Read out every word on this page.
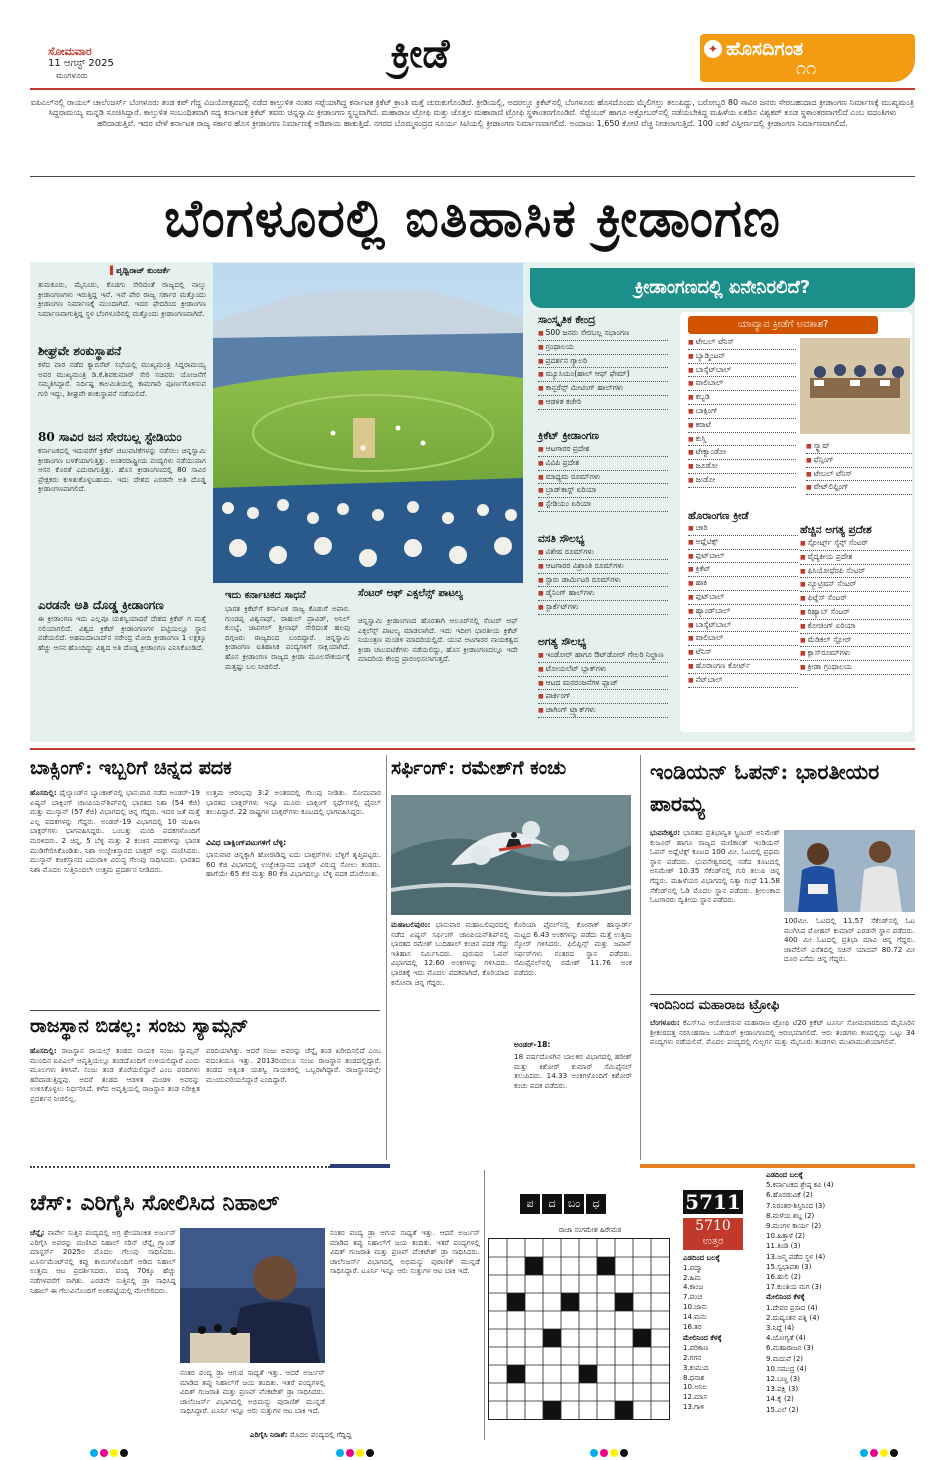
ಸೋಮವಾರ
11 ಆಗಸ್ಟ್ 2025
ಮಂಗಳೂರು	ಕ್ರೀಡೆ	✦ ಹೊಸದಿಗಂತ
೧೧
ಐಪಿಎಲ್‌ನಲ್ಲಿ ರಾಯಲ್ ಚಾಲೆಂಜರ್ಸ್ ಬೆಂಗಳೂರು ತಂಡ ಕಪ್ ಗೆದ್ದ ವಿಜಯೋತ್ಸವದಲ್ಲಿ ನಡೆದ ಕಾಲ್ತುಳಿತ ನಂತರ ಸಪ್ಪೆಯಾಗಿದ್ದ ಕರ್ನಾಟಕ ಕ್ರಿಕೆಟ್ ಕ್ರಾಂತಿ ಮತ್ತೆ ಚುರುಕುಗೊಂಡಿದೆ. ಕ್ರೀಡಿಯಲ್ಲಿ, ಅದರಲ್ಲೂ ಕ್ರಿಕೆಟ್‌ನಲ್ಲಿ ಬೆಂಗಳೂರು ಹೊಸದೊಂದು ಮೈಲಿಗಲ್ಲು ತಲುಪಿದ್ದು, ಬರೋಬ್ಬರಿ 80 ಸಾವಿರ ಜನರು ಸೇರಬಹುದಾದ ಕ್ರೀಡಾಂಗಣ ನಿರ್ಮಾಣಕ್ಕೆ ಮುಖ್ಯಮಂತ್ರಿ ಸಿದ್ದರಾಮಯ್ಯ ಮನ್ನಡಿ ಸೂಚಿಸಿದ್ದಾರೆ. ಕಾಲ್ತುಳಿತ ಸಂಬಂಧಿತವಾಗಿ ಸದ್ಯ ಕರ್ನಾಟಕ ಕ್ರಿಕೆಟ್ ತವರು ಚಿನ್ನಸ್ವಾಮಿ ಕ್ರೀಡಾಂಗಣ ಸ್ಥಬ್ದವಾಗಿದೆ. ಮಹಾರಾಜ ಟ್ರೋಫಿ ಮತ್ತು ಜೊತ್ತಲ ಮಹಾರಾಣಿ ಟ್ರೋಫಿ ಸ್ಥಳಾಂತರಗೊಂಡಿವೆ. ಸೆಪ್ಟೆಂಬರ್ ಹಾಗೂ ಅಕ್ಟೋಬರ್‌ನಲ್ಲಿ ನಡೆಯಬೇಕಿದ್ದ ಮಹಿಳೆಯ ಏಕದಿನ ವಿಶ್ವಕಪ್ ಕೂಡ ಸ್ಥಳಾಂತರವಾಗಲಿದೆ ಎಂಬ ವದಂತಿಗಳು ಹರಿದಾಡುತ್ತಿವೆ. ಇದರ ವೇಳೆ ಕರ್ನಾಟಕ ರಾಜ್ಯ ಸರ್ಕಾರ ಹೊಸ ಕ್ರೀಡಾಂಗಣ ನಿರ್ಮಾಣಕ್ಕೆ ಅಡಿಪಾಯ ಹಾಕುತ್ತಿದೆ. ನಗರದ ಬೊಮ್ಮಸಂದ್ರದ ಸೂರ್ಯ ಸಿಟಿಯಲ್ಲಿ ಕ್ರೀಡಾಂಗಣ ನಿರ್ಮಾಣವಾಗಲಿದೆ. ಅಂದಾಜು 1,650 ಕೋಟಿ ವೆಚ್ಚ ನೀಡಲಾಗುತ್ತಿದೆ. 100 ಎಕರೆ ವಿಸ್ತೀರ್ಣದಲ್ಲಿ ಕ್ರೀಡಾಂಗಣ ನಿರ್ಮಾಣವಾಗಲಿದೆ.
ಬೆಂಗಳೂರಲ್ಲಿ ಐತಿಹಾಸಿಕ ಕ್ರೀಡಾಂಗಣ
▌ಪೃಥ್ವಿರಾಜ್ ಕುಂಜರ್ಕೆ
ತುಮಕೂರು, ಮೈಸೂರು, ಕೊಡಗು ಸೇರಿದಂತೆ ರಾಜ್ಯದಲ್ಲಿ ನಾಲ್ಕು ಕ್ರೀಡಾಂಗಣಗಳು ಇರುತ್ತಿದ್ದ ಇವೆ. ಇವೆ ಪೇರ ರಾಜ್ಯ ಸರ್ಕಾರ ಮತ್ತೊಂದು ಕ್ರೀಡಾಂಗಣ ನಿರ್ಮಾಣಕ್ಕೆ ಮುಂದಾಗಿದೆ. ಇದರ ಫೇದರಿಂದ ಕ್ರೀಡಾಂಗಣ ನಿರ್ಮಾಣವಾಗುತ್ತಿದ್ದ ಸ್ಥಳ ಬೆಂಗಳೂರಿನಲ್ಲಿ ಮತ್ತೊಂದು ಕ್ರೀಡಾಂಗಣವಾಗಿದೆ.
ಶೀಘ್ರವೇ ಶಂಕುಸ್ಥಾಪನೆ
ಕಳೆದ ವಾರ ನಡೆದ ಕ್ಯಾಬಿನೆಟ್ ಸಭೆಯಲ್ಲಿ ಮುಖ್ಯಮಂತ್ರಿ ಸಿದ್ದರಾಮಯ್ಯ ಅವರ ಮುಖ್ಯಮಂತ್ರಿ ಡಿ.ಕೆ.ಶಿವಕುಮಾರ್ ಸೇರಿ ಸಚಿವರು ಯೋಜನೆಗೆ ಸಮ್ಮತಿಸಿದ್ದಾರೆ. ನಿರ್ದಿಷ್ಟ ಕಾಲಮಿತಿಯಲ್ಲಿ ಕಾಮಗಾರಿ ಪೂರ್ಣಗೊಳಿಸುವ ಗುರಿ ಇದ್ದು, ಶೀಘ್ರವೇ ಶಂಕುಸ್ಥಾಪನೆ ನಡೆಯಲಿದೆ.
80 ಸಾವಿರ ಜನ ಸೇರಬಲ್ಲ ಸ್ಟೇಡಿಯಂ
ಕರ್ನಾಟಕದಲ್ಲಿ ಇದುವರೆಗೆ ಕ್ರಿಕೆಟ್ ಚಟುವಟಿಕೆಗಳನ್ನು ನಡೆಸಲು ಚಿನ್ನಸ್ವಾಮಿ ಕ್ರೀಡಾಂಗಣ ಬಳಕೆಯಾಗುತ್ತಿತ್ತು. ಅಂತರರಾಷ್ಟ್ರೀಯ ಪಂದ್ಯಗಳು ನಡೆಯುವಾಗ ಆಸನ ಕೊರತೆ ಎದುರಾಗುತ್ತಿತ್ತು. ಹೊಸ ಕ್ರೀಡಾಂಗಣದಲ್ಲಿ 80 ಸಾವಿರ ಪ್ರೇಕ್ಷಕರು ಕುಳಿತುಕೊಳ್ಳಬಹುದು. ಇದು ದೇಶದ ಎರಡನೇ ಅತಿ ದೊಡ್ಡ ಕ್ರೀಡಾಂಗಣವಾಗಲಿದೆ.
ಎರಡನೇ ಅತಿ ದೊಡ್ಡ ಕ್ರೀಡಾಂಗಣ
ಈ ಕ್ರೀಡಾಂಗಣ ಇದು ಎಲ್ಲವೂ ಯಶಸ್ವಿಯಾದರೆ ದೇಶದ ಕ್ರಿಕೆಟ್ ಗ ಮತ್ತೆ ಸಲಿಯಾಗಲಿದೆ. ವಿಶ್ವದ ಕ್ರಿಕೆಟ್ ಕ್ರೀಡಾಂಗಣಗಳ ಪಟ್ಟಿಯಲ್ಲೂ ಸ್ಥಾನ ಪಡೆಯಲಿದೆ. ಅಹಮದಾಬಾದ್‌ನ ನರೇಂದ್ರ ಮೋದಿ ಕ್ರೀಡಾಂಗಣ 1 ಲಕ್ಷಕ್ಕೂ ಹೆಚ್ಚು ಆಸನ ಹೊಂದಿದ್ದು ವಿಶ್ವದ ಅತಿ ದೊಡ್ಡ ಕ್ರೀಡಾಂಗಣ ಎನಿಸಿಕೊಂಡಿದೆ.
ಇದು ಕರ್ನಾಟಕದ ಸಾಧನೆ
ಭಾರತ ಕ್ರಿಕೆಟ್‌ಗೆ ಕರ್ನಾಟಕ ರಾಜ್ಯ ಕೊಡುಗೆ ಅಪಾರ. ಗುಂಡಪ್ಪ ವಿಶ್ವನಾಥ್, ರಾಹುಲ್ ದ್ರಾವಿಡ್, ಅನಿಲ್ ಕುಂಬ್ಳೆ, ಜಾವಗಲ್ ಶ್ರೀನಾಥ್ ಸೇರಿದಂತೆ ಹಲವು ದಿಗ್ಗಜರು ರಾಜ್ಯದಿಂದ ಬಂದಿದ್ದಾರೆ. ಚಿನ್ನಸ್ವಾಮಿ ಕ್ರೀಡಾಂಗಣ ಐತಿಹಾಸಿಕ ಪಂದ್ಯಗಳಿಗೆ ಸಾಕ್ಷಿಯಾಗಿದೆ. ಹೊಸ ಕ್ರೀಡಾಂಗಣ ರಾಜ್ಯದ ಕ್ರೀಡಾ ಮೂಲಸೌಕರ್ಯಕ್ಕೆ ಮತ್ತಷ್ಟು ಬಲ ನೀಡಲಿದೆ.
ಸೆಂಟರ್ ಆಫ್ ಎಕ್ಸಲೆನ್ಸ್ ಪಾಟಲ್ಯ
ಚಿನ್ನಸ್ವಾಮಿ ಕ್ರೀಡಾಂಗಣದ ಹೊರತಾಗಿ ಆಲೂರ್‌ನಲ್ಲಿ ಸೆಂಟರ್ ಆಫ್ ಎಕ್ಸಲೆನ್ಸ್ ಪಾಟಲ್ಯ ಮಾಡಲಾಗಿದೆ. ಇದು ಇದೀಗ ಭಾರತೀಯ ಕ್ರಿಕೆಟ್ ನಿಯಂತ್ರಣ ಮಂಡಳಿ ಮಾದರಿಯಲ್ಲಿದೆ. ಯುವ ಆಟಗಾರರ ನಾಯಕತ್ವದ ಕ್ರೀಡಾ ಚಟುವಟಿಕೆಗಳು ನಡೆಯಲಿದ್ದು, ಹೊಸ ಕ್ರೀಡಾಂಗಣದಲ್ಲೂ ಇದೇ ಮಾದರಿಯ ಕೇಂದ್ರ ಪ್ರಾರಂಭಿಸಲಾಗುತ್ತದೆ.
ಕ್ರೀಡಾಂಗಣದಲ್ಲಿ ಏನೇನಿರಲಿದೆ?
ಸಾಂಸ್ಕೃತಿಕ ಕೇಂದ್ರ
■ 500 ಜನರು ಸೇರಬಲ್ಲ ಸಭಾಂಗಣ
■ ಗ್ರಂಥಾಲಯ
■ ಪ್ರದರ್ಶನ ಗ್ಯಾಲರಿ
■ ಮ್ಯೂಸಿಯಂ(ಹಾಲ್ ಆಫ್ ಫೇಮ್)
■ ಕಾನ್ಫರೆನ್ಸ್ ಮೀಟಿಂಗ್ ಹಾಲ್‌ಗಳು
■ ಆಡಳಿತ ಕಚೇರಿ
ಕ್ರಿಕೆಟ್ ಕ್ರೀಡಾಂಗಣ
■ ಆಟಗಾರರ ಪ್ರದೇಶ
■ ವಿವಿಪಿ ಪ್ರದೇಶ
■ ಮಾಧ್ಯಮ ರೂಮ್‌ಗಳು
■ ಬ್ರಾಡ್‌ಕಾಸ್ಟ್ ಏರಿಯಾ
■ ಸ್ಟೇಡಿಯಂ ಏರಿಯಾ
ವಸತಿ ಸೌಲಭ್ಯ
■ ವಿಶೇಷ ರೂಮ್‌ಗಳು
■ ಆಟಗಾರರ ವಿಶ್ರಾಂತಿ ರೂಮ್‌ಗಳು
■ ಸ್ಟಾರು ಡಾರ್ಮಿಟರಿ ರೂಮ್‌ಗಳು
■ ಡೈನಿಂಗ್ ಹಾಲ್‌ಗಳು
■ ಸ್ಟಾರ್ಕೆಟ್‌ಗಳು
ಅಗತ್ಯ ಸೌಲಭ್ಯ
■ ಇಂಡೋರ್ ಹಾಗೂ ಔಟ್‌ಡೋರ್ ಗೇಲರಿ ನಿಲ್ದಾಣ
■ ಟೋಯಲೆಟ್ ಬ್ಲಾಕ್‌ಗಳು
■ ಆಟದ ಮನರಂಜನೆಗಳ ಪ್ಲಾಜ್
■ ಪಾರ್ಕಿಂಗ್
■ ಜಾಗಿಂಗ್ ಟ್ರ್ಯಾಕ್‌ಗಳು
ಯಾವ್ಯಾವ ಕ್ರೀಡೆಗೆ ಅವಕಾಶ?
■ ಟೇಬಲ್ ಟೆನಿಸ್
■ ಬ್ಯಾಡ್ಮಿಂಟನ್
■ ಬಾಸ್ಕೆಟ್‌ಬಾಲ್
■ ವಾಲಿಬಾಲ್
■ ಕಬ್ಬಡಿ
■ ಬಾಕ್ಸಿಂಗ್
■ ಕರಾಟೆ
■ ಕುಸ್ತಿ
■ ಟೇಕ್ವಾಂಡೋ
■ ಜೂಡೋ
■ ಜುಡೋ
■ ಸ್ಕ್ವಾಷ್
■ ಫೆನ್ಸಿಂಗ್
■ ಟೇಬಲ್ ಟೆನಿಸ್
■ ವೇಟ್‌ಲಿಫ್ಟಿಂಗ್
ಹೊರಾಂಗಣ ಕ್ರೀಡೆ
■ ಚಾರಿ
■ ಅಥ್ಲೆಟಿಕ್ಸ್
■ ಫುಟ್‌ಬಾಲ್
■ ಕ್ರಿಕೆಟ್
■ ಹಾಕಿ
■ ಫುಟ್‌ಬಾಲ್
■ ಹ್ಯಾಂಡ್‌ಬಾಲ್
■ ಬಾಸ್ಕೆಟ್‌ಬಾಲ್
■ ವಾಲಿಬಾಲ್
■ ಟೆನಿಸ್
■ ಹೊರಾಂಗಣ ಕೋರ್ಟ್
■ ನೆಟ್‌ಬಾಲ್
ಹೆಚ್ಚಿನ ಅಗತ್ಯ ಪ್ರದೇಶ
■ ಸ್ಪೋರ್ಟ್ಸ್ ಸೈನ್ಸ್ ಸೆಂಟರ್
■ ವೈದ್ಯಕೀಯ ಪ್ರದೇಶ
■ ಫಿಸಿಯೋಥೆರಪಿ ಸೆಂಟರ್
■ ನ್ಯೂಟ್ರಿಷನ್ ಸೆಂಟರ್
■ ಫಿಟ್ನೆಸ್ ಸೆಂಟರ್
■ ರಿಹ್ಯಾಬ್ ಸೆಂಟರ್
■ ಕೋಚಿಂಗ್ ಏರಿಯಾ
■ ಮೆಡಿಕಲ್ ಸ್ಟೋರ್
■ ಕ್ಲಾಸ್‌ರೂಮ್‌ಗಳು
■ ಕ್ರೀಡಾ ಗ್ರಂಥಾಲಯ
ಬಾಕ್ಸಿಂಗ್: ಇಬ್ಬರಿಗೆ ಚಿನ್ನದ ಪದಕ
ಹೊಸದಿಲ್ಲಿ: ಥೈಲ್ಯಾಂಡ್‌ನ ಬ್ಯಾಂಕಾಕ್‌ನಲ್ಲಿ ಭಾನುವಾರ ನಡೆದ ಅಂಡರ್-19 ಏಷ್ಯನ್ ಬಾಕ್ಸಿಂಗ್ ಚಾಂಪಿಯನ್‌ಶಿಪ್‌ನಲ್ಲಿ ಭಾರತದ ನಿಶಾ (54 ಕೆಜಿ) ಮತ್ತು ಮುಸ್ಕಾನ್ (57 ಕೆಜಿ) ವಿಭಾಗದಲ್ಲಿ ಚಿನ್ನ ಗೆದ್ದರು. ಇದರ ಜತೆ ಮತ್ತೆ ಎಲ್ಲ ಪದಕಗಳನ್ನು ಗೆದ್ದರು. ಅಂಡರ್-19 ವಿಭಾಗದಲ್ಲಿ 10 ಮಹಿಳಾ ಬಾಕ್ಸರ್‌ಗಳು ಭಾಗವಹಿಸಿದ್ದರು. ಒಂಬತ್ತು ಮಂದಿ ಪದಕಗಳೊಂದಿಗೆ ಮರಳಿದರು. 2 ಚಿನ್ನ, 5 ಬೆಳ್ಳಿ ಮತ್ತು 2 ಕಂಚಿನ ಪದಕಗಳನ್ನು ಭಾರತ ಮುಡಿಗೇರಿಸಿಕೊಂಡಿತು. ನಿಶಾ ಉಜ್ಬೇಕಿಸ್ತಾನದ ಬಾಕ್ಸರ್ ಅನ್ನು ಮಣಿಸಿದರು. ಮುಸ್ಕಾನ್ ಕಜಕಸ್ತಾನದ ಎದುರಾಳಿ ವಿರುದ್ಧ ಗೆಲುವು ಸಾಧಿಸಿದರು. ಭಾರತದ ನಿಶಾ ಮೊದಲ ಸುತ್ತಿನಿಂದಲೇ ಉತ್ತಮ ಪ್ರದರ್ಶನ ನೀಡಿದರು.
ಉತ್ತಮ ಆರಂಭವು 3:2 ಅಂತರದಲ್ಲಿ ಗೆಲುವು ನೀಡಿತು. ಸೋಮವಾರ ಭಾರತದ ಬಾಕ್ಸರ್‌ಗಳು ಇನ್ನೂ ಮೂರು ಬಾಕ್ಸಿಂಗ್ ಸ್ಪರ್ಧೆಗಳಲ್ಲಿ ಫೈನಲ್ ತಲುಪಿದ್ದಾರೆ. 22 ರಾಷ್ಟ್ರಗಳ ಬಾಕ್ಸರ್‌ಗಳು ಕೂಟದಲ್ಲಿ ಭಾಗವಹಿಸಿದ್ದರು.
ವಿವಿಧ ಬಾಕ್ಸಿಂಗ್‌ಪಟುಗಳಿಗೆ ಬೆಳ್ಳಿ:
ಭಾನುವಾರ ಚಿನ್ನಕ್ಕಾಗಿ ಹೋರಾಡಿದ್ದ ಐದು ಬಾಕ್ಸರ್‌ಗಳು ಬೆಳ್ಳಿಗೆ ತೃಪ್ತಿಪಟ್ಟರು. 60 ಕೆಜಿ ವಿಭಾಗದಲ್ಲಿ ಉಜ್ಬೇಕಿಸ್ತಾನದ ಬಾಕ್ಸರ್ ವಿರುದ್ಧ ಸೋಲು ಕಂಡರು. ಹಾಗೆಯೇ 65 ಕೆಜಿ ಮತ್ತು 80 ಕೆಜಿ ವಿಭಾಗದಲ್ಲೂ ಬೆಳ್ಳಿ ಪದಕ ದೊರೆಯಿತು.
ರಾಜಸ್ಥಾನ ಬಿಡಲ್ಲ: ಸಂಜು ಸ್ಯಾಮ್ಸನ್
ಹೊಸದಿಲ್ಲಿ: ರಾಜಸ್ಥಾನ ರಾಯಲ್ಸ್ ತಂಡದ ನಾಯಕ ಸಂಜು ಸ್ಯಾಮ್ಸನ್ ಮುಂದಿನ ಐಪಿಎಲ್ ಆವೃತ್ತಿಯಲ್ಲೂ ತಂಡದೊಂದಿಗೆ ಉಳಿಯಲಿದ್ದಾರೆ ಎಂದು ಮೂಲಗಳು ತಿಳಿಸಿವೆ. ಸಂಜು ತಂಡ ತೊರೆಯಲಿದ್ದಾರೆ ಎಂಬ ವರದಿಗಳು ಹರಿದಾಡುತ್ತಿದ್ದವು. ಆದರೆ ತಂಡದ ಆಡಳಿತ ಮಂಡಳಿ ಅವರನ್ನು ಉಳಿಸಿಕೊಳ್ಳಲು ನಿರ್ಧರಿಸಿದೆ. ಕಳೆದ ಆವೃತ್ತಿಯಲ್ಲಿ ರಾಜಸ್ಥಾನ ತಂಡ ನಿರೀಕ್ಷಿತ ಪ್ರದರ್ಶನ ನೀಡಲಿಲ್ಲ.
ವರದಿಯಾಗಿತ್ತು. ಆದರೆ ಸಂಜು ಅವರನ್ನು ಚೆನ್ನೈ ತಂಡ ಖರೀದಿಸಲಿದೆ ಎಂಬ ವದಂತಿಯೂ ಇತ್ತು. 2013ರಿಂದಲೂ ಸಂಜು ರಾಜಸ್ಥಾನ ತಂಡದಲ್ಲಿದ್ದಾರೆ. ತಂಡದ ಅತ್ಯಂತ ಯಶಸ್ವಿ ನಾಯಕರಲ್ಲಿ ಒಬ್ಬರಾಗಿದ್ದಾರೆ. ರಾಜಸ್ಥಾನದಲ್ಲೇ ಮುಂದುವರಿಯಲಿದ್ದಾರೆ ಎಂದಿದ್ದಾರೆ.
ಸರ್ಫಿಂಗ್: ರಮೇಶ್‌ಗೆ ಕಂಚು
ಮಹಾಬಲಿಪುರಂ: ಭಾನುವಾರ ಮಹಾಬಲಿಪುರದಲ್ಲಿ ನಡೆದ ಏಷ್ಯನ್ ಸರ್ಫಿಂಗ್ ಚಾಂಪಿಯನ್‌ಶಿಪ್‌ನಲ್ಲಿ ಭಾರತದ ರಮೇಶ್ ಬುದಿಹಾಲ್ ಕಂಚಿನ ಪದಕ ಗೆದ್ದು ಇತಿಹಾಸ ನಿರ್ಮಿಸಿದರು. ಪುರುಷರ ಓಪನ್ ವಿಭಾಗದಲ್ಲಿ 12.60 ಅಂಕಗಳನ್ನು ಗಳಿಸಿದರು. ಭಾರತಕ್ಕೆ ಇದು ಮೊದಲ ಪದಕವಾಗಿದೆ. ಕೊರಿಯಾದ ಕನೋವಾ ಚಿನ್ನ ಗೆದ್ದರು.
ಕೊರಿಯಾ ಫೈನಲ್‌ನಲ್ಲಿ ಕೋವಾಕ್ ಹಾಸ್ಕಾರ್ಡ್ ಮಟ್ಟದ 6.43 ಅಂಕಗಳನ್ನು ಪಡೆದು ಮತ್ತೆ ಉತ್ತಮ ಸ್ಕೋರ್ ಗಳಿಸಿದರು. ಫಿಲಿಪ್ಪಿನ್ಸ್ ಮತ್ತು ಜಪಾನ್ ಸರ್ಫರ್‌ಗಳು ನಂತರದ ಸ್ಥಾನ ಪಡೆದರು. ಸೆಮಿಫೈನಲ್‌ನಲ್ಲಿ ರಮೇಶ್ 11.76 ಅಂಕ ಪಡೆದರು.
ಅಂಡರ್-18:
18 ವರ್ಷದೊಳಗಿನ ಬಾಲಕರ ವಿಭಾಗದಲ್ಲಿ ಹರೀಶ್ ಮತ್ತು ಕಿಶೋರ್ ಕುಮಾರ್ ಸೆಮಿಫೈನಲ್ ತಲುಪಿದರು. 14.33 ಅಂಕಗಳೊಂದಿಗೆ ಕಿಶೋರ್ ಕಂಚು ಪದಕ ಪಡೆದರು.
ಇಂಡಿಯನ್ ಓಪನ್: ಭಾರತೀಯರ ಪಾರಮ್ಯ
ಭುವನೇಶ್ವರ: ಭಾರತದ ಪ್ರತಿಭಾನ್ವಿತ ಸ್ಪ್ರಿಂಟರ್ ಅನಿಮೇಶ್ ಕುಜೂರ್ ಹಾಗೂ ರಾಜ್ಯದ ಮಣಿಕಾಂತ್ ಇಂಡಿಯನ್ ಓಪನ್ ಅಥ್ಲೆಟಿಕ್ಸ್ ಕೂಟದ 100 ಮೀ. ಓಟದಲ್ಲಿ ಪ್ರಥಮ ಸ್ಥಾನ ಪಡೆದರು. ಭುವನೇಶ್ವರದಲ್ಲಿ ನಡೆದ ಕೂಟದಲ್ಲಿ ಅನಿಮೇಶ್ 10.35 ಸೆಕೆಂಡ್‌ನಲ್ಲಿ ಗುರಿ ತಲುಪಿ ಚಿನ್ನ ಗೆದ್ದರು. ಮಹಿಳೆಯರ ವಿಭಾಗದಲ್ಲಿ ನಿತ್ಯಾ ಗಂಧೆ 11.58 ಸೆಕೆಂಡ್‌ನಲ್ಲಿ ಓಡಿ ಮೊದಲ ಸ್ಥಾನ ಪಡೆದರು. ಶ್ರೀಲಂಕಾದ ಓಟಗಾರರು ದ್ವಿತೀಯ ಸ್ಥಾನ ಪಡೆದರು.
100ಮೀ. ಓಟದಲ್ಲಿ 11.57 ಸೆಕೆಂಡ್‌ನಲ್ಲಿ ಓಟ ಮುಗಿಸಿದ ಮೋಹನ್ ಕುಮಾರ್ ಎರಡನೇ ಸ್ಥಾನ ಪಡೆದರು. 400 ಮೀ ಓಟದಲ್ಲಿ ಪ್ರತಿಭಾ ಮಾವಿ ಚಿನ್ನ ಗೆದ್ದರು. ಜಾವೆಲಿನ್ ಎಸೆತದಲ್ಲಿ ಸಚಿನ್ ಯಾದವ್ 80.72 ಮೀ ದೂರ ಎಸೆದು ಚಿನ್ನ ಗೆದ್ದರು.
ಇಂದಿನಿಂದ ಮಹಾರಾಜ ಟ್ರೋಫಿ
ಬೆಂಗಳೂರು: ಕೆಎಸ್‌ಸಿಎ ಆಯೋಜಿಸುವ ಮಹಾರಾಜ ಟ್ರೋಫಿ ಟಿ20 ಕ್ರಿಕೆಟ್ ಟೂರ್ನಿ ಸೋಮವಾರದಿಂದ ಮೈಸೂರಿನ ಶ್ರೀಕಂಠದತ್ತ ನರಸಿಂಹರಾಜ ಒಡೆಯರ್ ಕ್ರೀಡಾಂಗಣದಲ್ಲಿ ಆರಂಭವಾಗಲಿದೆ. ಆರು ತಂಡಗಳು ಕಣದಲ್ಲಿದ್ದು ಒಟ್ಟು 34 ಪಂದ್ಯಗಳು ನಡೆಯಲಿವೆ. ಮೊದಲ ಪಂದ್ಯದಲ್ಲಿ ಗುಲ್ಬರ್ಗ ಮತ್ತು ಮೈಸೂರು ತಂಡಗಳು ಮುಖಾಮುಖಿಯಾಗಲಿವೆ.
ಚೆಸ್: ಎರಿಗೈಸಿ ಸೋಲಿಸಿದ ನಿಹಾಲ್
ಚೆನ್ನೈ: ನಾರ್ವೇ ಸುತ್ತಿನ ಪಂದ್ಯದಲ್ಲಿ ಅಗ್ರ ಶ್ರೇಯಾಂಕಿತ ಅರ್ಜುನ್ ಎರಿಗೈಸಿ ಅವರನ್ನು ಮಣಿಸಿದ ನಿಹಾಲ್ ಸರಿನ್ ಚೆನ್ನೈ ಗ್ರ್ಯಾಂಡ್ ಮಾಸ್ಟರ್ಸ್ 2025ರ ಮೊದಲ ಗೆಲುವು ಸಾಧಿಸಿದರು. ಟೂರ್ನಮೆಂಟ್‌ನಲ್ಲಿ ಕಪ್ಪು ಕಾಯಿಗಳೊಂದಿಗೆ ಆಡಿದ ನಿಹಾಲ್ ಉತ್ತಮ ಆಟ ಪ್ರದರ್ಶಿಸಿದರು. ಪಂದ್ಯ 70ಕ್ಕೂ ಹೆಚ್ಚು ನಡೆಗಳವರೆಗೆ ಸಾಗಿತು. ಎರಡನೇ ಸುತ್ತಿನಲ್ಲಿ ಡ್ರಾ ಸಾಧಿಸಿದ್ದ ನಿಹಾಲ್ ಈ ಗೆಲುವಿನೊಂದಿಗೆ ಅಂಕಪಟ್ಟಿಯಲ್ಲಿ ಮೇಲೇರಿದರು.
ನಂತರ ಪಂದ್ಯ ಡ್ರಾ ಆಗುವ ಸಾಧ್ಯತೆ ಇತ್ತು. ಆದರೆ ಅರ್ಜುನ್ ಮಾಡಿದ ತಪ್ಪು ನಿಹಾಲ್‌ಗೆ ಜಯ ತಂದಿತು. ಇತರೆ ಪಂದ್ಯಗಳಲ್ಲಿ ವಿದಿತ್ ಗುಜರಾತಿ ಮತ್ತು ಪ್ರಣವ್ ವೆಂಕಟೇಶ್ ಡ್ರಾ ಸಾಧಿಸಿದರು. ಚಾಲೆಂಜರ್ಸ್ ವಿಭಾಗದಲ್ಲಿ ಅಭಿಮನ್ಯು ಪುರಾಣಿಕ್ ಮುನ್ನಡೆ ಸಾಧಿಸಿದ್ದಾರೆ. ಟೂರ್ನಿ ಇನ್ನೂ ಆರು ಸುತ್ತುಗಳ ಆಟ ಬಾಕಿ ಇದೆ.
ನಂತರ ಪಂದ್ಯ ಡ್ರಾ ಆಗುವ ಸಾಧ್ಯತೆ ಇತ್ತು. ಆದರೆ ಅರ್ಜುನ್ ಮಾಡಿದ ತಪ್ಪು ನಿಹಾಲ್‌ಗೆ ಜಯ ತಂದಿತು. ಇತರೆ ಪಂದ್ಯಗಳಲ್ಲಿ ವಿದಿತ್ ಗುಜರಾತಿ ಮತ್ತು ಪ್ರಣವ್ ವೆಂಕಟೇಶ್ ಡ್ರಾ ಸಾಧಿಸಿದರು. ಚಾಲೆಂಜರ್ಸ್ ವಿಭಾಗದಲ್ಲಿ ಅಭಿಮನ್ಯು ಪುರಾಣಿಕ್ ಮುನ್ನಡೆ ಸಾಧಿಸಿದ್ದಾರೆ. ಟೂರ್ನಿ ಇನ್ನೂ ಆರು ಸುತ್ತುಗಳ ಆಟ ಬಾಕಿ ಇದೆ.
ಎರಿಗೈಸಿ ನಿರಾಶೆ: ಮೊದಲ ಪಂದ್ಯದಲ್ಲಿ ಗೆದ್ದಿದ್ದ
ಪ ದ ಬಂ ಧ	5711
5710
ಉತ್ತರ
ರಾಜಾ ಸಂಗಮೇಶ ಹಿರೇಮಠ
ಎಡದಿಂದ ಬಲಕ್ಕೆ
1.ಪದ್ಮಾ
2.ಹಿಮ
4.ಕಾಂಜ
7.ಪಂಚ
10.ಜಾನು
14.ಮನು
16.ತರ
ಮೇಲಿನಿಂದ ಕೆಳಕ್ಕೆ
1.ಪರಿಕಾಣ
2.ಗಗನ
3.ಕುಮುದ
8.ಧನಾಶ
10.ಅನಿಲ
12.ಮಾಸ
13.ಗಾಳಿ
ಎಡದಿಂದ ಬಲಕ್ಕೆ
5.ಕರ್ನಾಟಕದ ಶ್ರೇಷ್ಠ ಕವಿ (4)
6.ಹೊರಡುವಿಕೆ (2)
7.ನಿರಂತರ-ಶಿಸ್ತಿನಿಂದ (3)
8.ಮಳೆಯ ಶಬ್ದ (2)
9.ಮಂಗಳ ಕಾರ್ಯ (2)
10.ಹಿತ್ತಾಳೆ (2)
11.ತಿಂಡಿ (3)
13.ಜನ್ಮ ಪಡೆದ ಸ್ಥಳ (4)
15.ಸ್ವಭಾವತಃ (3)
16.ಹುಲಿ (2)
17.ಕುಂತಿಯ ಮಗ (3)
ಮೇಲಿನಿಂದ ಕೆಳಕ್ಕೆ
1.ದೇವರ ಪ್ರಸಾದ (4)
2.ದುಷ್ಯಂತನ ಪತ್ನಿ (4)
3.ನಿದ್ದೆ (4)
4.ಯೋಗ್ಯತೆ (4)
6.ಮಹಾರಾಜನ (3)
9.ಮದುವೆ (2)
10.ಸಮುದ್ರ (4)
12.ಬಣ್ಣ (3)
13.ಪಕ್ಷಿ (3)
14.ಕೈ (2)
15.ಎಲೆ (2)
